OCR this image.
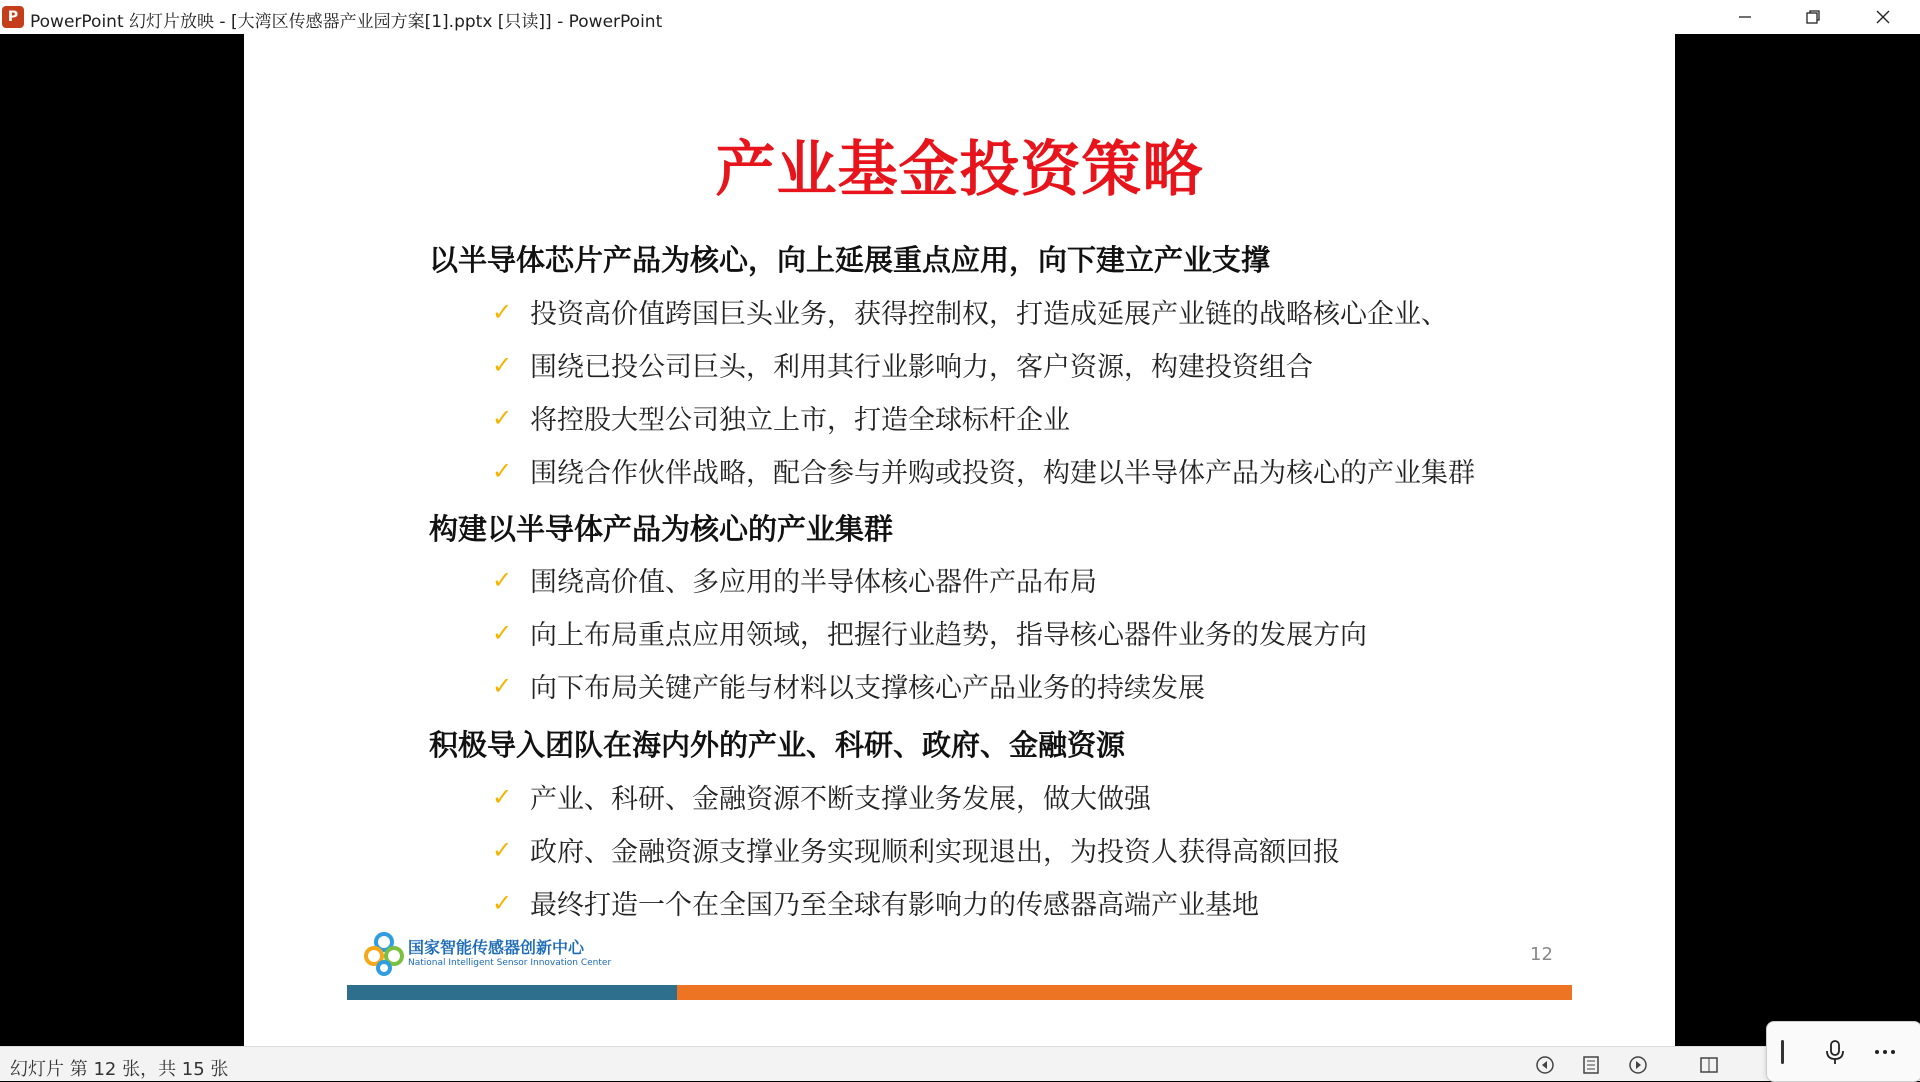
P PowerPoint 幻灯片放映 - [大湾区传感器产业园方案[1].pptx [只读]] - PowerPoint
产业基金投资策略
以半导体芯片产品为核心，向上延展重点应用，向下建立产业支撑
✓ 投资高价值跨国巨头业务，获得控制权，打造成延展产业链的战略核心企业、
✓ 围绕已投公司巨头，利用其行业影响力，客户资源，构建投资组合
✓ 将控股大型公司独立上市，打造全球标杆企业
✓ 围绕合作伙伴战略，配合参与并购或投资，构建以半导体产品为核心的产业集群
构建以半导体产品为核心的产业集群
✓ 围绕高价值、多应用的半导体核心器件产品布局
✓ 向上布局重点应用领域，把握行业趋势，指导核心器件业务的发展方向
✓ 向下布局关键产能与材料以支撑核心产品业务的持续发展
积极导入团队在海内外的产业、科研、政府、金融资源
✓ 产业、科研、金融资源不断支撑业务发展，做大做强
✓ 政府、金融资源支撑业务实现顺利实现退出，为投资人获得高额回报
✓ 最终打造一个在全国乃至全球有影响力的传感器高端产业基地
国家智能传感器创新中心
National Intelligent Sensor Innovation Center	12
幻灯片 第 12 张，共 15 张
